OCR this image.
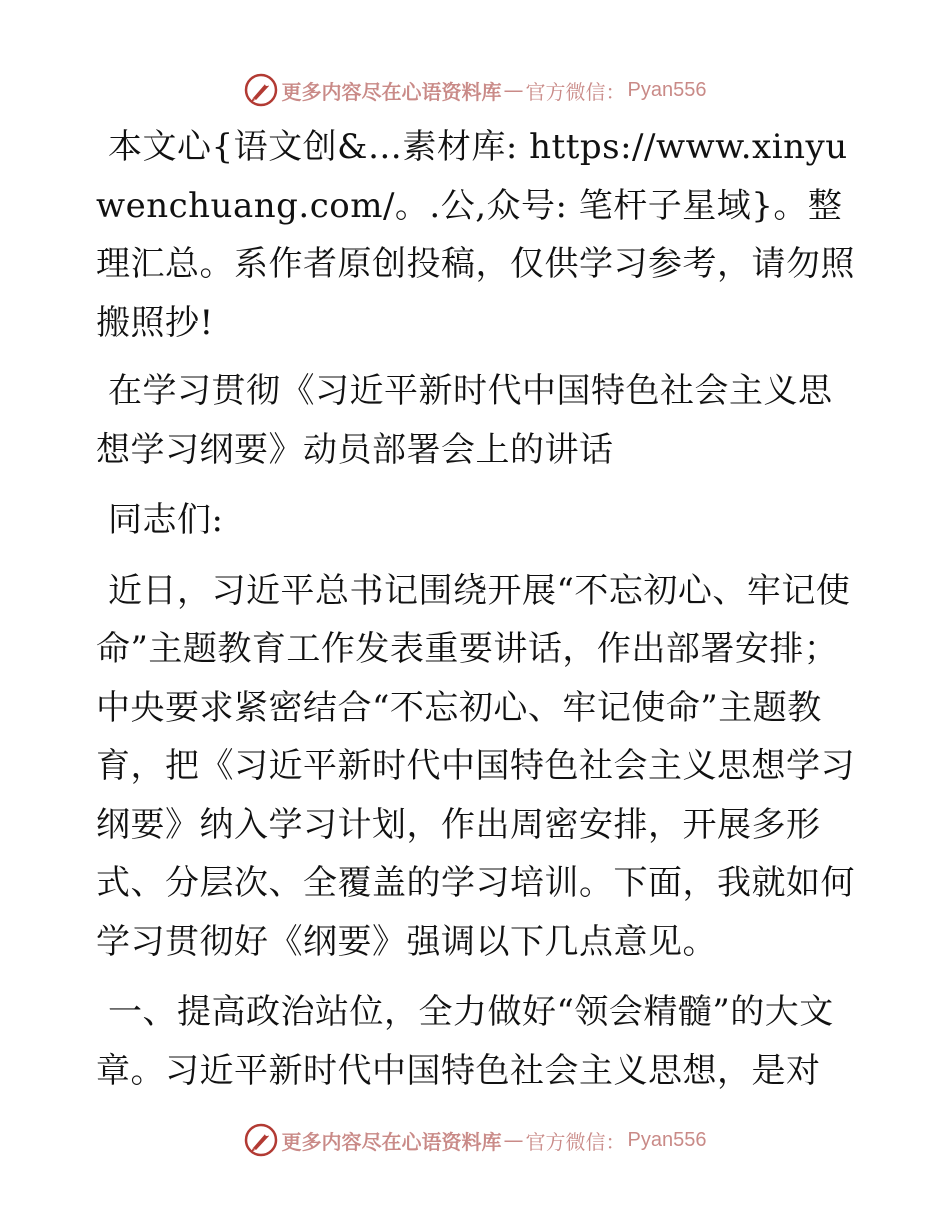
更多内容尽在心语资料库 — 官方微信： Pyan556

本文心{语文创&…素材库: https://www.xinyuwenchuang.com/。.公,众号: 笔杆子星域}。整理汇总。系作者原创投稿，仅供学习参考，请勿照搬照抄!

在学习贯彻《习近平新时代中国特色社会主义思想学习纲要》动员部署会上的讲话

同志们:

近日，习近平总书记围绕开展“不忘初心、牢记使命”主题教育工作发表重要讲话，作出部署安排；中央要求紧密结合“不忘初心、牢记使命”主题教育，把《习近平新时代中国特色社会主义思想学习纲要》纳入学习计划，作出周密安排，开展多形式、分层次、全覆盖的学习培训。下面，我就如何学习贯彻好《纲要》强调以下几点意见。

一、提高政治站位，全力做好“领会精髓”的大文章。习近平新时代中国特色社会主义思想，是对

更多内容尽在心语资料库 — 官方微信： Pyan556
